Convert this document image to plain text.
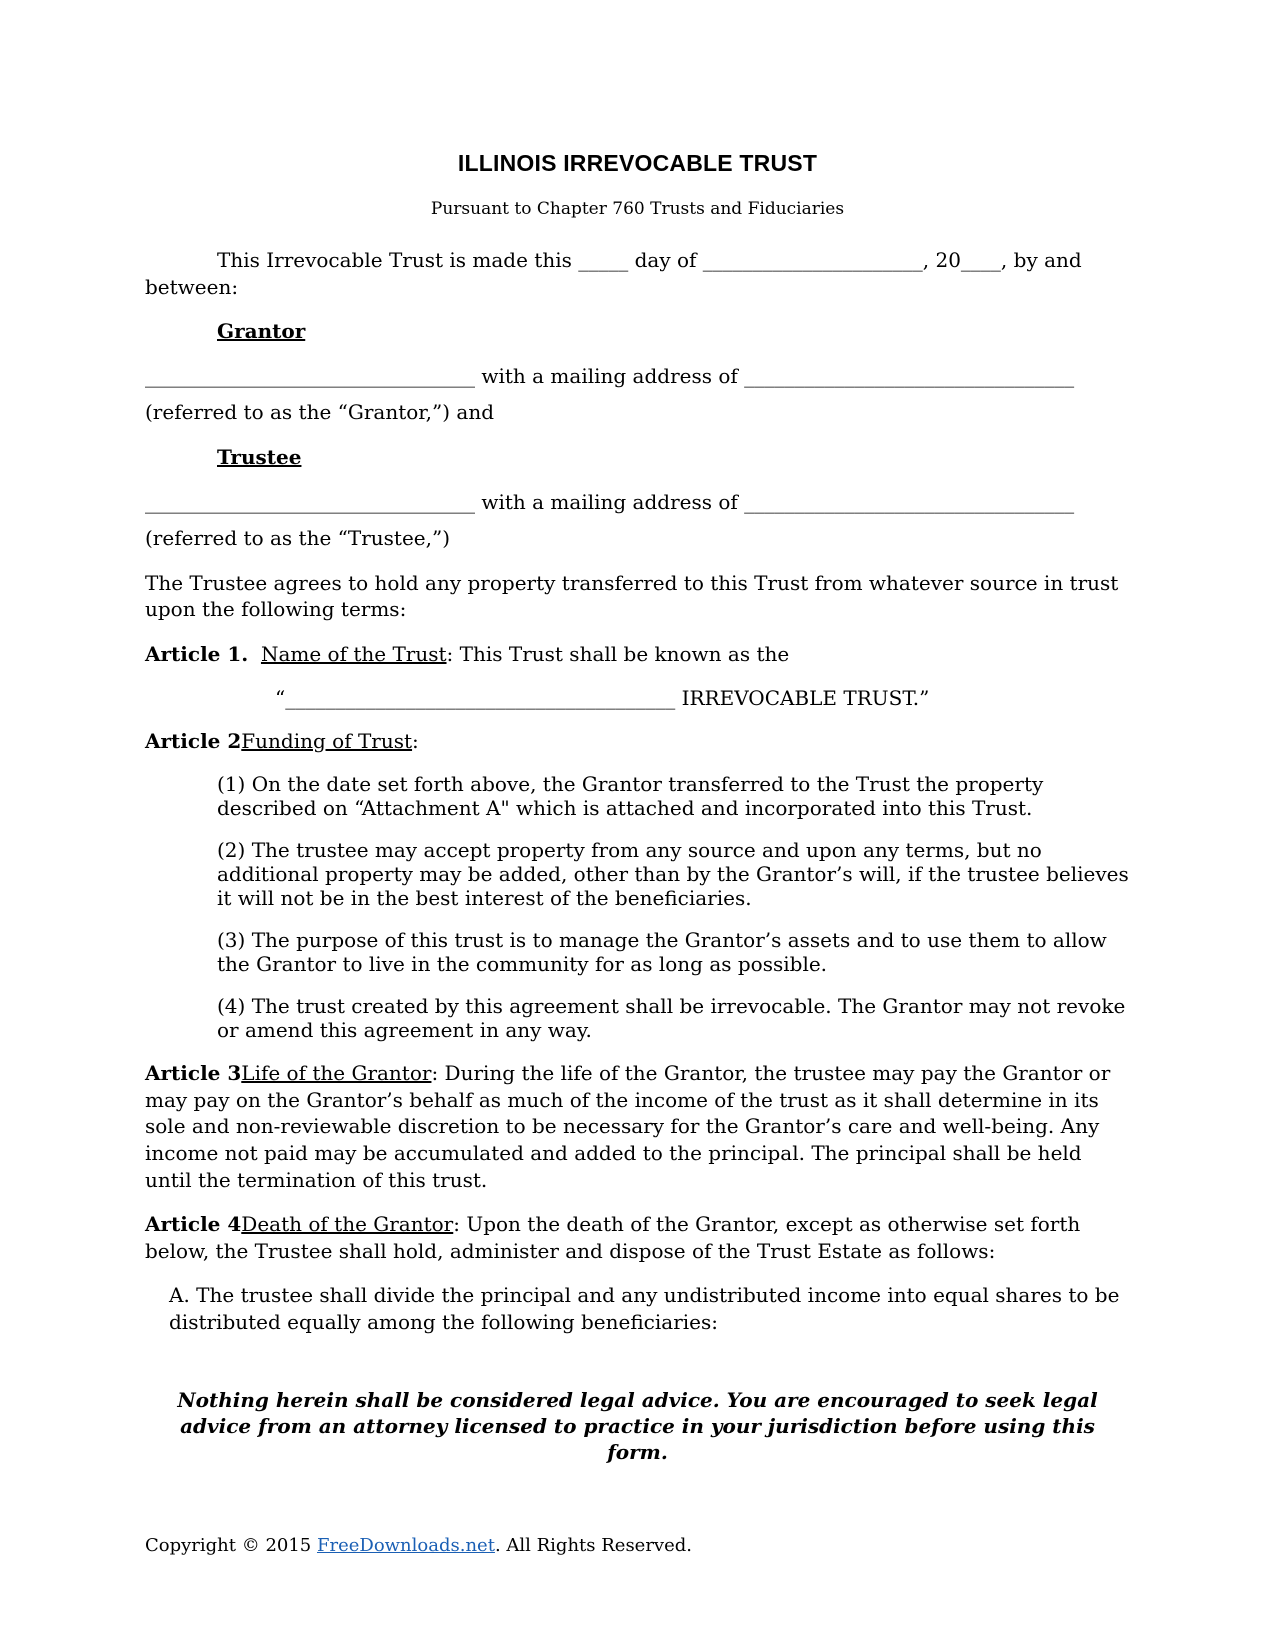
ILLINOIS IRREVOCABLE TRUST
Pursuant to Chapter 760 Trusts and Fiduciaries

This Irrevocable Trust is made this _____ day of ______________________, 20____, by and between:

Grantor

_________________________________ with a mailing address of _________________________________

(referred to as the “Grantor,”) and

Trustee

_________________________________ with a mailing address of _________________________________

(referred to as the “Trustee,”)

The Trustee agrees to hold any property transferred to this Trust from whatever source in trust upon the following terms:

Article 1. Name of the Trust: This Trust shall be known as the

“_______________________________________ IRREVOCABLE TRUST.”

Article 2Funding of Trust:

(1) On the date set forth above, the Grantor transferred to the Trust the property described on “Attachment A" which is attached and incorporated into this Trust.

(2) The trustee may accept property from any source and upon any terms, but no additional property may be added, other than by the Grantor’s will, if the trustee believes it will not be in the best interest of the beneficiaries.

(3) The purpose of this trust is to manage the Grantor’s assets and to use them to allow the Grantor to live in the community for as long as possible.

(4) The trust created by this agreement shall be irrevocable. The Grantor may not revoke or amend this agreement in any way.

Article 3Life of the Grantor: During the life of the Grantor, the trustee may pay the Grantor or may pay on the Grantor’s behalf as much of the income of the trust as it shall determine in its sole and non-reviewable discretion to be necessary for the Grantor’s care and well-being. Any income not paid may be accumulated and added to the principal. The principal shall be held until the termination of this trust.

Article 4Death of the Grantor: Upon the death of the Grantor, except as otherwise set forth below, the Trustee shall hold, administer and dispose of the Trust Estate as follows:

A. The trustee shall divide the principal and any undistributed income into equal shares to be distributed equally among the following beneficiaries:

Nothing herein shall be considered legal advice. You are encouraged to seek legal advice from an attorney licensed to practice in your jurisdiction before using this form.

Copyright © 2015 FreeDownloads.net. All Rights Reserved.
